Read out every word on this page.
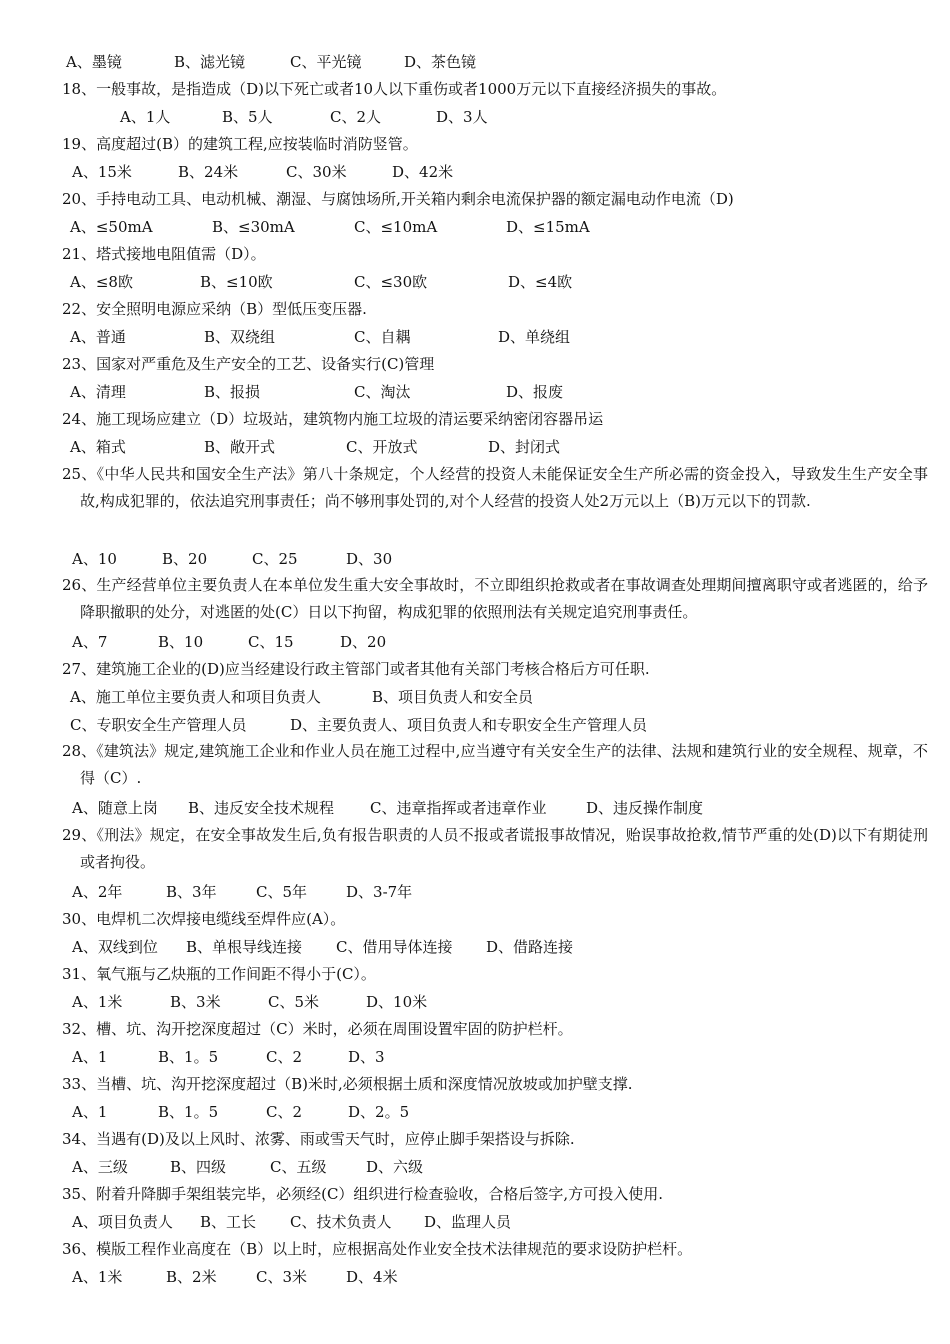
A、墨镜	B、滤光镜	C、平光镜	D、茶色镜
18、一般事故，是指造成（D)以下死亡或者10人以下重伤或者1000万元以下直接经济损失的事故。
A、1人	B、5人	C、2人	D、3人
19、高度超过(B）的建筑工程,应按装临时消防竖管。
A、15米	B、24米	C、30米	D、42米
20、手持电动工具、电动机械、潮湿、与腐蚀场所,开关箱内剩余电流保护器的额定漏电动作电流（D)
A、≤50mA	B、≤30mA	C、≤10mA	D、≤15mA
21、塔式接地电阻值需（D）。
A、≤8欧	B、≤10欧	C、≤30欧	D、≤4欧
22、安全照明电源应采纳（B）型低压变压器.
A、普通	B、双绕组	C、自耦	D、单绕组
23、国家对严重危及生产安全的工艺、设备实行(C)管理
A、清理	B、报损	C、淘汰	D、报废
24、施工现场应建立（D）垃圾站，建筑物内施工垃圾的清运要采纳密闭容器吊运
A、箱式	B、敞开式	C、开放式	D、封闭式
25、《中华人民共和国安全生产法》第八十条规定，个人经营的投资人未能保证安全生产所必需的资金投入，导致发生生产安全事故,构成犯罪的，依法追究刑事责任；尚不够刑事处罚的,对个人经营的投资人处2万元以上（B)万元以下的罚款.
A、10	B、20	C、25	D、30
26、生产经营单位主要负责人在本单位发生重大安全事故时，不立即组织抢救或者在事故调查处理期间擅离职守或者逃匿的，给予降职撤职的处分，对逃匿的处(C）日以下拘留，构成犯罪的依照刑法有关规定追究刑事责任。
A、7	B、10	C、15	D、20
27、建筑施工企业的(D)应当经建设行政主管部门或者其他有关部门考核合格后方可任职.
A、施工单位主要负责人和项目负责人	B、项目负责人和安全员
C、专职安全生产管理人员	D、主要负责人、项目负责人和专职安全生产管理人员
28、《建筑法》规定,建筑施工企业和作业人员在施工过程中,应当遵守有关安全生产的法律、法规和建筑行业的安全规程、规章，不得（C）.
A、随意上岗 B、违反安全技术规程 C、违章指挥或者违章作业	D、违反操作制度
29、《刑法》规定，在安全事故发生后,负有报告职责的人员不报或者谎报事故情况，贻误事故抢救,情节严重的处(D)以下有期徒刑或者拘役。
A、2年	B、3年	C、5年	D、3-7年
30、电焊机二次焊接电缆线至焊件应(A）。
A、双线到位 B、单根导线连接 C、借用导体连接 D、借路连接
31、氧气瓶与乙炔瓶的工作间距不得小于(C）。
A、1米	B、3米	C、5米	D、10米
32、槽、坑、沟开挖深度超过（C）米时，必须在周围设置牢固的防护栏杆。
A、1	B、1。5	C、2	D、3
33、当槽、坑、沟开挖深度超过（B)米时,必须根据土质和深度情况放坡或加护壁支撑.
A、1	B、1。5	C、2	D、2。5
34、当遇有(D)及以上风时、浓雾、雨或雪天气时，应停止脚手架搭设与拆除.
A、三级	B、四级	C、五级	D、六级
35、附着升降脚手架组装完毕，必须经(C）组织进行检查验收，合格后签字,方可投入使用.
A、项目负责人 B、工长 C、技术负责人 D、监理人员
36、模版工程作业高度在（B）以上时，应根据高处作业安全技术法律规范的要求设防护栏杆。
A、1米	B、2米	C、3米	D、4米
